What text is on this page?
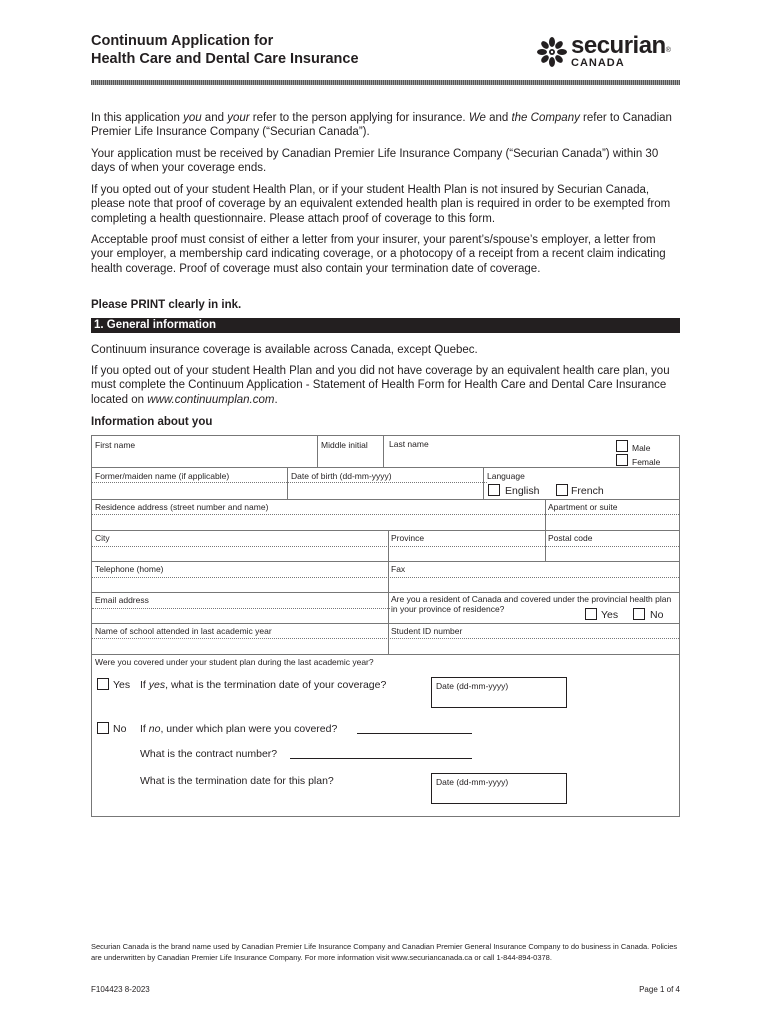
Continuum Application for
Health Care and Dental Care Insurance	securian®
CANADA
In this application you and your refer to the person applying for insurance. We and the Company refer to Canadian Premier Life Insurance Company (“Securian Canada”).
Your application must be received by Canadian Premier Life Insurance Company (“Securian Canada”) within 30 days of when your coverage ends.
If you opted out of your student Health Plan, or if your student Health Plan is not insured by Securian Canada, please note that proof of coverage by an equivalent extended health plan is required in order to be exempted from completing a health questionnaire. Please attach proof of coverage to this form.
Acceptable proof must consist of either a letter from your insurer, your parent’s/spouse’s employer, a letter from your employer, a membership card indicating coverage, or a photocopy of a receipt from a recent claim indicating health coverage. Proof of coverage must also contain your termination date of coverage.
Please PRINT clearly in ink.
1. General information
Continuum insurance coverage is available across Canada, except Quebec.
If you opted out of your student Health Plan and you did not have coverage by an equivalent health care plan, you must complete the Continuum Application - Statement of Health Form for Health Care and Dental Care Insurance located on www.continuumplan.com.
Information about you
First name	Middle initial Last name	Male
Female
Former/maiden name (if applicable)	Date of birth (dd-mm-yyyy)	Language
English	French
Residence address (street number and name)	Apartment or suite
City	Province	Postal code
Telephone (home)	Fax
Email address	Are you a resident of Canada and covered under the provincial health plan in your province of residence?	Yes	No
Name of school attended in last academic year	Student ID number
Were you covered under your student plan during the last academic year?
Yes If yes, what is the termination date of your coverage?	Date (dd-mm-yyyy)
No If no, under which plan were you covered?
What is the contract number?
What is the termination date for this plan?	Date (dd-mm-yyyy)
Securian Canada is the brand name used by Canadian Premier Life Insurance Company and Canadian Premier General Insurance Company to do business in Canada. Policies are underwritten by Canadian Premier Life Insurance Company. For more information visit www.securiancanada.ca or call 1-844-894-0378.
F104423 8-2023	Page 1 of 4
